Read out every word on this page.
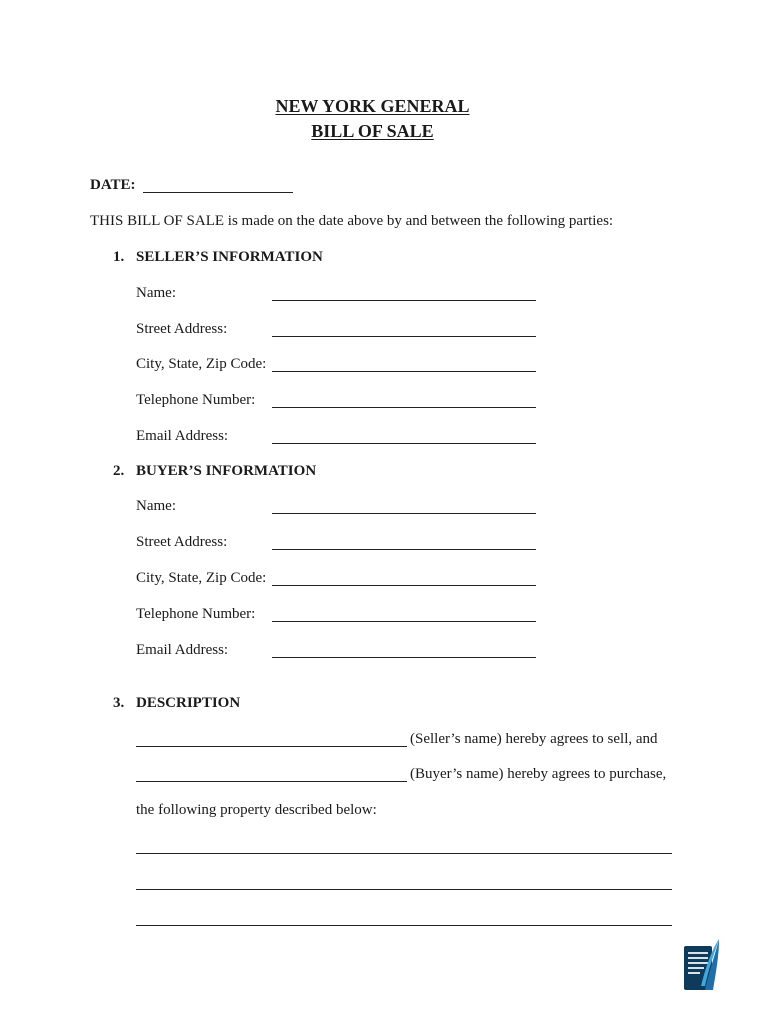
NEW YORK GENERAL
BILL OF SALE
DATE:
THIS BILL OF SALE is made on the date above by and between the following parties:
1. SELLER’S INFORMATION
Name:
Street Address:
City, State, Zip Code:
Telephone Number:
Email Address:
2. BUYER’S INFORMATION
Name:
Street Address:
City, State, Zip Code:
Telephone Number:
Email Address:
3. DESCRIPTION
(Seller’s name) hereby agrees to sell, and
(Buyer’s name) hereby agrees to purchase,
the following property described below:
